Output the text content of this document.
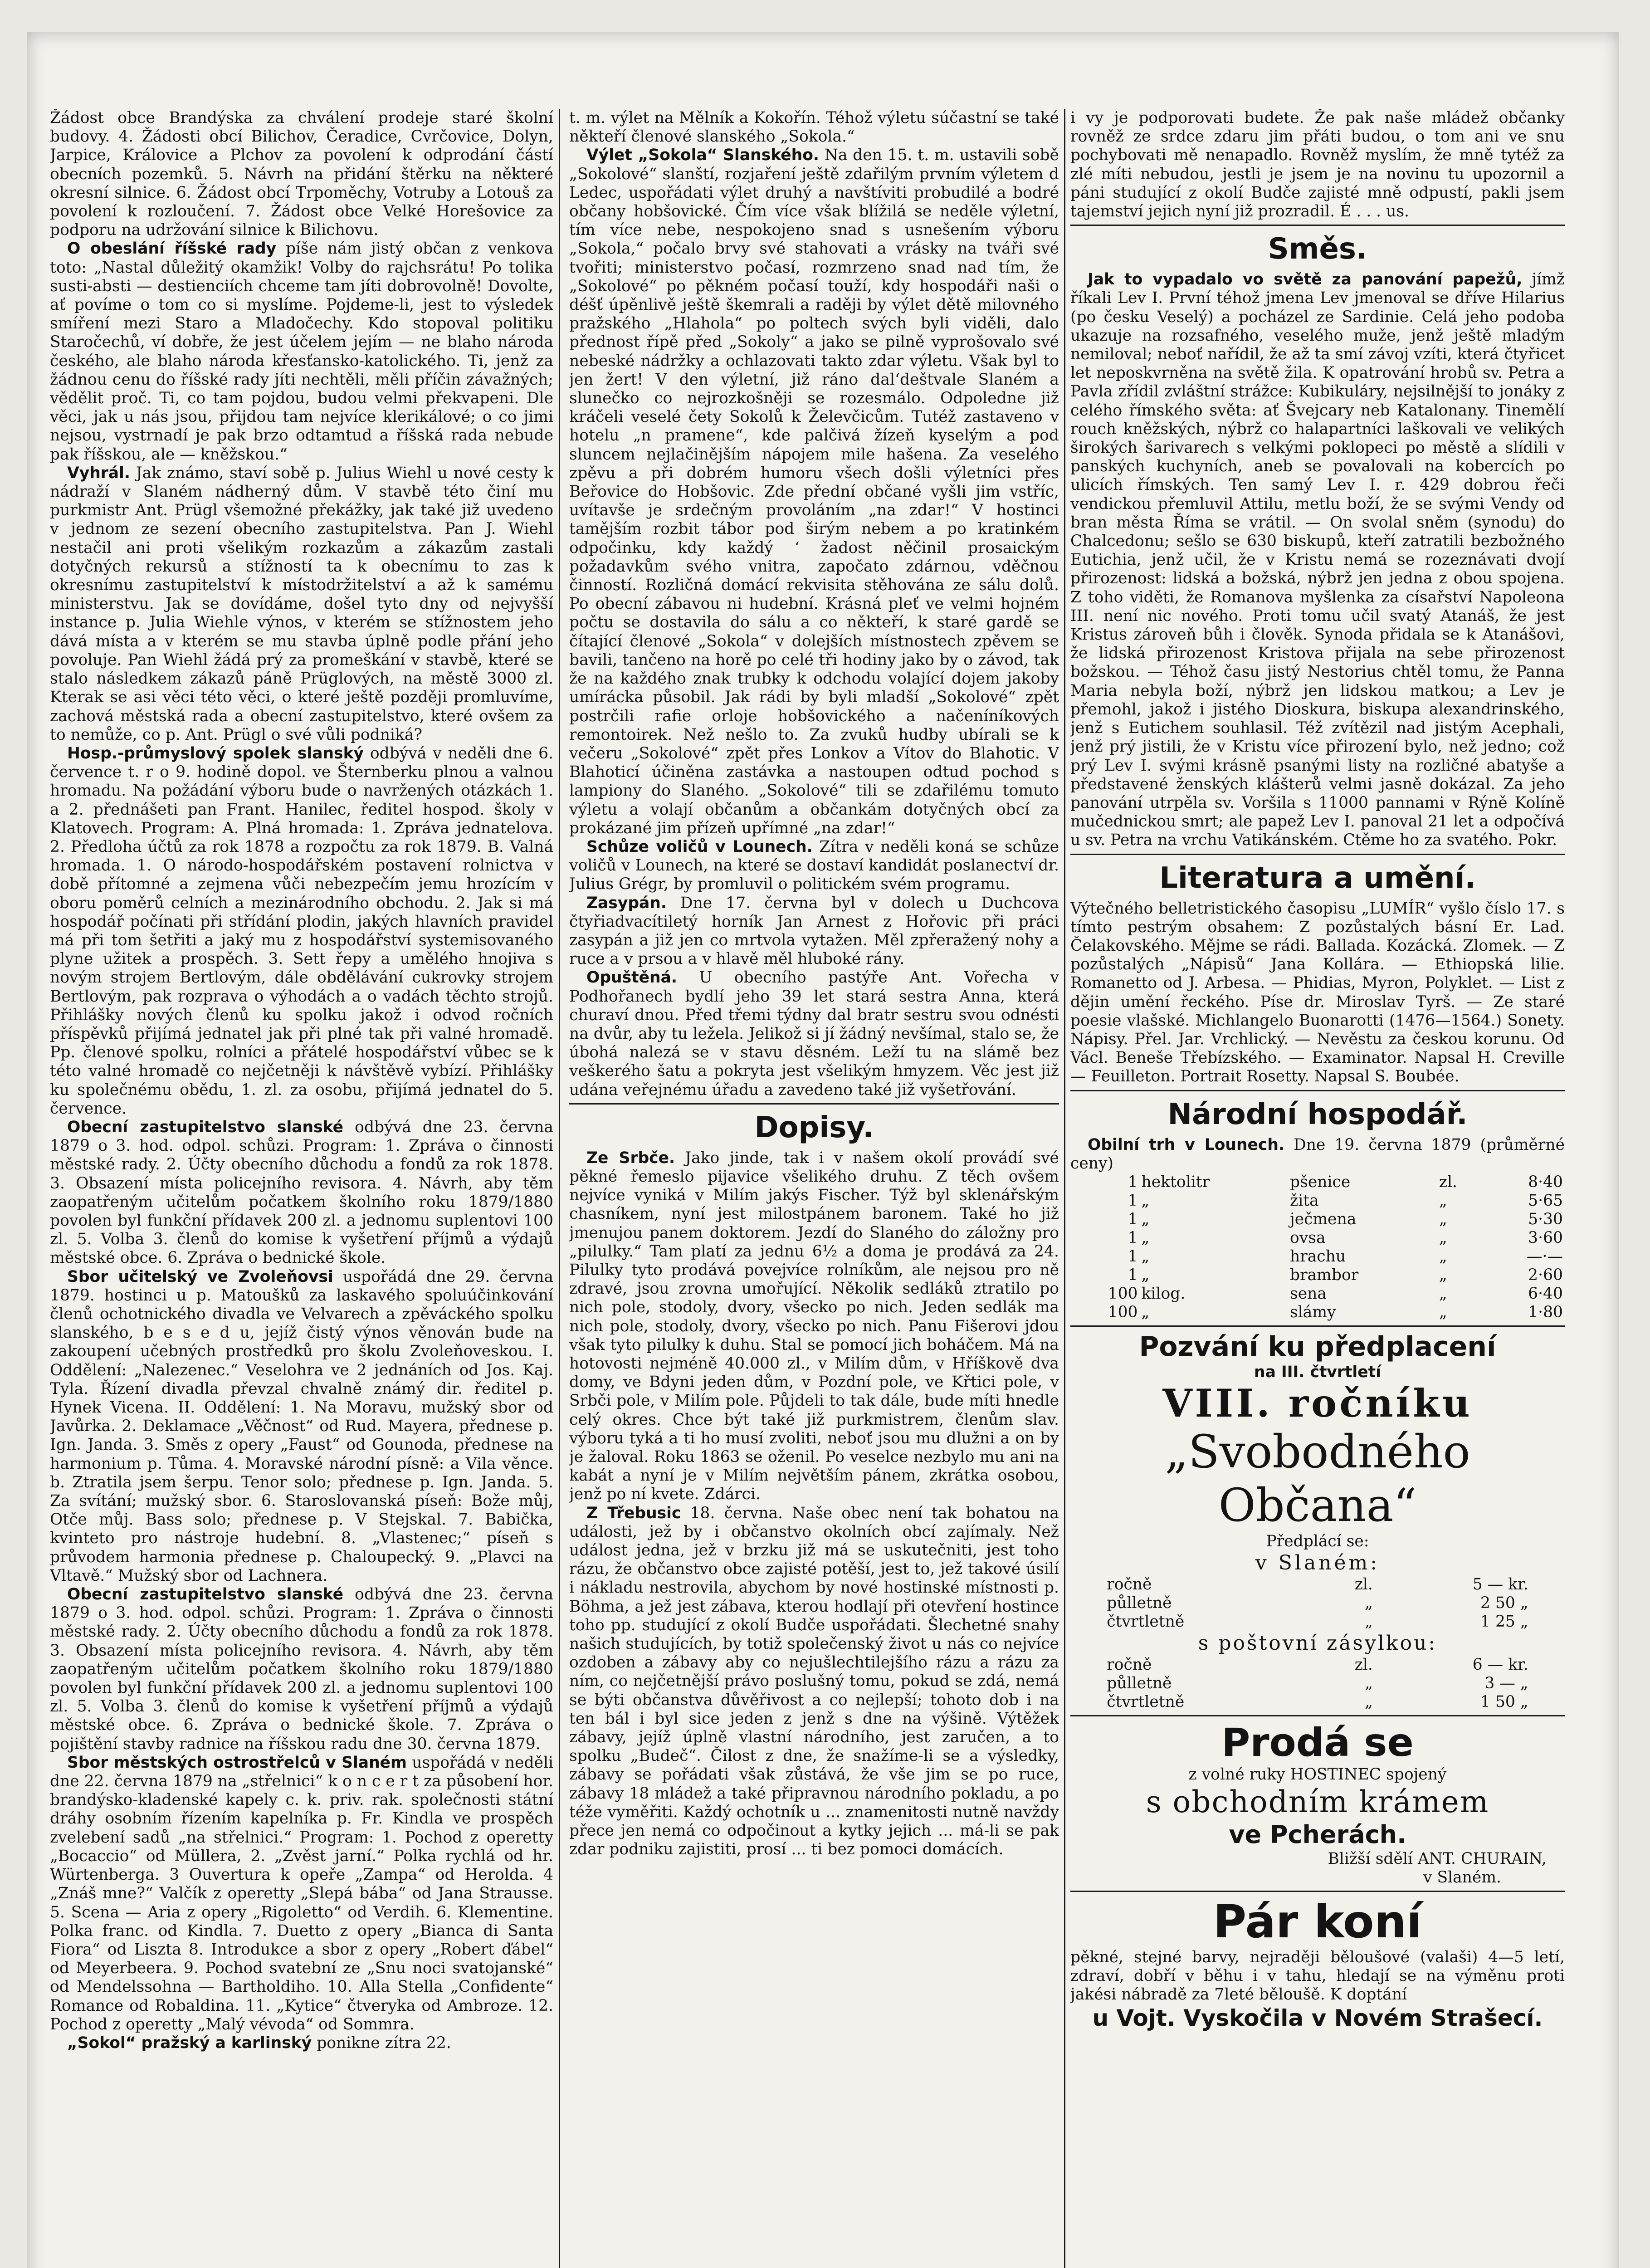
Žádost obce Brandýska za chválení prodeje staré školní budovy. 4. Žádosti obcí Bilichov, Čeradice, Cvrčovice, Dolyn, Jarpice, Královice a Plchov za povolení k odprodání částí obecních pozemků. 5. Návrh na přidání štěrku na některé okresní silnice. 6. Žádost obcí Trpoměchy, Votruby a Lotouš za povolení k rozloučení. 7. Žádost obce Velké Horešovice za podporu na udržování silnice k Bilichovu.

O obeslání říšské rady píše nám jistý občan z venkova toto: „Nastal důležitý okamžik! Volby do rajchsrátu! Po tolika susti-absti — destienciích chceme tam jíti dobrovolně! Dovolte, ať povíme o tom co si myslíme. Pojdeme-li, jest to výsledek smíření mezi Staro a Mladočechy. Kdo stopoval politiku Staročechů, ví dobře, že jest účelem jejím — ne blaho národa českého, ale blaho národa křesťansko-katolického. Ti, jenž za žádnou cenu do říšské rady jíti nechtěli, měli příčin závažných; vědělit proč. Ti, co tam pojdou, budou velmi překvapeni. Dle věci, jak u nás jsou, přijdou tam nejvíce klerikálové; o co jimi nejsou, vystrnadí je pak brzo odtamtud a říšská rada nebude pak říšskou, ale — kněžskou.“

Vyhrál. Jak známo, staví sobě p. Julius Wiehl u nové cesty k nádraží v Slaném nádherný dům. V stavbě této činí mu purkmistr Ant. Prügl všemožné překážky, jak také již uvedeno v jednom ze sezení obecního zastupitelstva. Pan J. Wiehl nestačil ani proti všelikým rozkazům a zákazům zastali dotyčných rekursů a stížností ta k obecnímu to zas k okresnímu zastupitelství k místodržitelství a až k samému ministerstvu. Jak se dovídáme, došel tyto dny od nejvyšší instance p. Julia Wiehle výnos, v kterém se stížnostem jeho dává místa a v kterém se mu stavba úplně podle přání jeho povoluje. Pan Wiehl žádá prý za promeškání v stavbě, které se stalo následkem zákazů páně Prüglových, na městě 3000 zl. Kterak se asi věci této věci, o které ještě později promluvíme, zachová městská rada a obecní zastupitelstvo, které ovšem za to nemůže, co p. Ant. Prügl o své vůli podniká?

Hosp.-průmyslový spolek slanský odbývá v neděli dne 6. července t. r o 9. hodině dopol. ve Šternberku plnou a valnou hromadu. Na požádání výboru bude o navržených otázkách 1. a 2. přednášeti pan Frant. Hanilec, ředitel hospod. školy v Klatovech. Program: A. Plná hromada: 1. Zpráva jednatelova. 2. Předloha účtů za rok 1878 a rozpočtu za rok 1879. B. Valná hromada. 1. O národo-hospodářském postavení rolnictva v době přítomné a zejmena vůči nebezpečím jemu hrozícím v oboru poměrů celních a mezinárodního obchodu. 2. Jak si má hospodář počínati při střídání plodin, jakých hlavních pravidel má při tom šetřiti a jaký mu z hospodářství systemisovaného plyne užitek a prospěch. 3. Sett řepy a umělého hnojiva s novým strojem Bertlovým, dále obdělávání cukrovky strojem Bertlovým, pak rozprava o výhodách a o vadách těchto strojů. Přihlášky nových členů ku spolku jakož i odvod ročních příspěvků přijímá jednatel jak při plné tak při valné hromadě. Pp. členové spolku, rolníci a přátelé hospodářství vůbec se k této valné hromadě co nejčetněji k návštěvě vybízí. Přihlášky ku společnému obědu, 1. zl. za osobu, přijímá jednatel do 5. července.

Obecní zastupitelstvo slanské odbývá dne 23. června 1879 o 3. hod. odpol. schůzi. Program: 1. Zpráva o činnosti městské rady. 2. Účty obecního důchodu a fondů za rok 1878. 3. Obsazení místa policejního revisora. 4. Návrh, aby těm zaopatřeným učitelům počatkem školního roku 1879/1880 povolen byl funkční přídavek 200 zl. a jednomu suplentovi 100 zl. 5. Volba 3. členů do komise k vyšetření příjmů a výdajů městské obce. 6. Zpráva o bednické škole.

Sbor učitelský ve Zvoleňovsi uspořádá dne 29. června 1879. hostinci u p. Matoušků za laskavého spoluúčinkování členů ochotnického divadla ve Velvarech a zpěváckého spolku slanského, b e s e d u, jejíž čistý výnos věnován bude na zakoupení učebných prostředků pro školu Zvoleňoveskou. I. Oddělení: „Nalezenec.“ Veselohra ve 2 jednáních od Jos. Kaj. Tyla. Řízení divadla převzal chvalně známý dir. ředitel p. Hynek Vicena. II. Oddělení: 1. Na Moravu, mužský sbor od Javůrka. 2. Deklamace „Věčnost“ od Rud. Mayera, přednese p. Ign. Janda. 3. Směs z opery „Faust“ od Gounoda, přednese na harmonium p. Tůma. 4. Moravské národní písně: a Vila věnce. b. Ztratila jsem šerpu. Tenor solo; přednese p. Ign. Janda. 5. Za svítání; mužský sbor. 6. Staroslovanská píseň: Bože můj, Otče můj. Bass solo; přednese p. V Stejskal. 7. Babička, kvinteto pro nástroje hudební. 8. „Vlastenec;“ píseň s průvodem harmonia přednese p. Chaloupecký. 9. „Plavci na Vltavě.“ Mužský sbor od Lachnera.

Obecní zastupitelstvo slanské odbývá dne 23. června 1879 o 3. hod. odpol. schůzi. Program: 1. Zpráva o činnosti městské rady. 2. Účty obecního důchodu a fondů za rok 1878. 3. Obsazení místa policejního revisora. 4. Návrh, aby těm zaopatřeným učitelům počatkem školního roku 1879/1880 povolen byl funkční přídavek 200 zl. a jednomu suplentovi 100 zl. 5. Volba 3. členů do komise k vyšetření příjmů a výdajů městské obce. 6. Zpráva o bednické škole. 7. Zpráva o pojištění stavby radnice na říšskou radu dne 30. června 1879.

Sbor městských ostrostřelců v Slaném uspořádá v neděli dne 22. června 1879 na „střelnici“ k o n c e r t za působení hor. brandýsko-kladenské kapely c. k. priv. rak. společnosti státní dráhy osobním řízením kapelníka p. Fr. Kindla ve prospěch zvelebení sadů „na střelnici.“ Program: 1. Pochod z operetty „Bocaccio“ od Müllera, 2. „Zvěst jarní.“ Polka rychlá od hr. Würtenberga. 3 Ouvertura k opeře „Zampa“ od Herolda. 4 „Znáš mne?“ Valčík z operetty „Slepá bába“ od Jana Strausse. 5. Scena — Aria z opery „Rigoletto“ od Verdih. 6. Klementine. Polka franc. od Kindla. 7. Duetto z opery „Bianca di Santa Fiora“ od Liszta 8. Introdukce a sbor z opery „Robert ďábel“ od Meyerbeera. 9. Pochod svatební ze „Snu noci svatojanské“ od Mendelssohna — Bartholdiho. 10. Alla Stella „Confidente“ Romance od Robaldina. 11. „Kytice“ čtveryka od Ambroze. 12. Pochod z operetty „Malý vévoda“ od Sommra.

„Sokol“ pražský a karlinský ponikne zítra 22.

t. m. výlet na Mělník a Kokořín. Téhož výletu súčastní se také někteří členové slanského „Sokola.“

Výlet „Sokola“ Slanského. Na den 15. t. m. ustavili sobě „Sokolové“ slanští, rozjaření ještě zdařilým prvním výletem d Ledec, uspořádati výlet druhý a navštíviti probudilé a bodré občany hobšovické. Čím více však blížilá se neděle výletní, tím více nebe, nespokojeno snad s usnešením výboru „Sokola,“ počalo brvy své stahovati a vrásky na tváři své tvořiti; ministerstvo počasí, rozmrzeno snad nad tím, že „Sokolové“ po pěkném počasí touží, kdy hospodáři naši o déšť úpěnlivě ještě škemrali a raději by výlet dětě milovného pražského „Hlahola“ po poltech svých byli viděli, dalo přednost řípě před „Sokoly“ a jako se pilně vyprošovalo své nebeské nádržky a ochlazovati takto zdar výletu. Však byl to jen žert! V den výletní, již ráno dal‘deštvale Slaném a slunečko co nejrozkošněji se rozesmálo. Odpoledne již kráčeli veselé čety Sokolů k Želevčicům. Tutéž zastaveno v hotelu „n pramene“, kde palčivá žízeň kyselým a pod sluncem nejlačinějším nápojem mile hašena. Za veselého zpěvu a při dobrém humoru všech došli výletníci přes Beřovice do Hobšovic. Zde přední občané vyšli jim vstříc, uvítavše je srdečným provoláním „na zdar!“ V hostinci tamějším rozbit tábor pod širým nebem a po kratinkém odpočinku, kdy každý ‘ žadost něčinil prosaickým požadavkům svého vnitra, započato zdárnou, vděčnou činností. Rozličná domácí rekvisita stěhována ze sálu dolů. Po obecní zábavou ni hudební. Krásná pleť ve velmi hojném počtu se dostavila do sálu a co někteří, k staré gardě se čítající členové „Sokola“ v dolejších místnostech zpěvem se bavili, tančeno na horě po celé tři hodiny jako by o závod, tak že na každého znak trubky k odchodu volající dojem jakoby umírácka působil. Jak rádi by byli mladší „Sokolové“ zpět postrčili rafie orloje hobšovického a načeníníkových remontoirek. Než nešlo to. Za zvuků hudby ubírali se k večeru „Sokolové“ zpět přes Lonkov a Vítov do Blahotic. V Blahoticí účiněna zastávka a nastoupen odtud pochod s lampiony do Slaného. „Sokolové“ tili se zdařilému tomuto výletu a volají občanům a občankám dotyčných obcí za prokázané jim přízeň upřímné „na zdar!“

Schůze voličů v Lounech. Zítra v neděli koná se schůze voličů v Lounech, na které se dostaví kandidát poslanectví dr. Julius Grégr, by promluvil o politickém svém programu.

Zasypán. Dne 17. června byl v dolech u Duchcova čtyřiadvacítiletý horník Jan Arnest z Hořovic při práci zasypán a již jen co mrtvola vytažen. Měl zpřeražený nohy a ruce a v prsou a v hlavě měl hluboké rány.

Opuštěná. U obecního pastýře Ant. Vořecha v Podhořanech bydlí jeho 39 let stará sestra Anna, která churaví dnou. Před třemi týdny dal bratr sestru svou odnésti na dvůr, aby tu ležela. Jelikož si jí žádný nevšímal, stalo se, že úbohá nalezá se v stavu děsném. Leží tu na slámě bez veškerého šatu a pokryta jest všelikým hmyzem. Věc jest již udána veřejnému úřadu a zavedeno také již vyšetřování.

Dopisy.

Ze Srbče. Jako jinde, tak i v našem okolí provádí své pěkné řemeslo pijavice všelikého druhu. Z těch ovšem nejvíce vyniká v Milím jakýs Fischer. Týž byl sklenářským chasníkem, nyní jest milostpánem baronem. Také ho již jmenujou panem doktorem. Jezdí do Slaného do záložny pro „pilulky.“ Tam platí za jednu 6½ a doma je prodává za 24. Pilulky tyto prodává povejvíce rolníkům, ale nejsou pro ně zdravé, jsou zrovna umořující. Několik sedláků ztratilo po nich pole, stodoly, dvory, všecko po nich. Jeden sedlák ma nich pole, stodoly, dvory, všecko po nich. Panu Fišerovi jdou však tyto pilulky k duhu. Stal se pomocí jich boháčem. Má na hotovosti nejméně 40.000 zl., v Milím dům, v Hříškově dva domy, ve Bdyni jeden dům, v Pozdní pole, ve Křtici pole, v Srbči pole, v Milím pole. Půjdeli to tak dále, bude míti hnedle celý okres. Chce být také již purkmistrem, členům slav. výboru tyká a ti ho musí zvoliti, neboť jsou mu dlužni a on by je žaloval. Roku 1863 se oženil. Po veselce nezbylo mu ani na kabát a nyní je v Milím největším pánem, zkrátka osobou, jenž po ní kvete. Zdárci.

Z Třebusic 18. června. Naše obec není tak bohatou na události, jež by i občanstvo okolních obcí zajímaly. Než událost jedna, jež v brzku již má se uskutečniti, jest toho rázu, že občanstvo obce zajisté potěší, jest to, jež takové úsilí i nákladu nestrovila, abychom by nové hostinské místnosti p. Böhma, a jež jest zábava, kterou hodlají při otevření hostince toho pp. studující z okolí Budče uspořádati. Šlechetné snahy našich studujících, by totiž společenský život u nás co nejvíce ozdoben a zábavy aby co nejušlechtilejšího rázu a rázu za ním, co nejčetnější právo poslušný tomu, pokud se zdá, nemá se býti občanstva důvěřivost a co nejlepší; tohoto dob i na ten bál i byl sice jeden z jenž s dne na výšině. Výtěžek zábavy, jejíž úplně vlastní národního, jest zaručen, a to spolku „Budeč“. Čilost z dne, že snažíme-li se a výsledky, zábavy se pořádati však zůstává, že vše jim se po ruce, zábavy 18 mládež a také připravnou národního pokladu, a po téže vyměřiti. Každý ochotník u ... znamenitosti nutně navždy přece jen nemá co odpočinout a kytky jejich ... má-li se pak zdar podniku zajistiti, prosí ... ti bez pomoci domácích.

i vy je podporovati budete. Že pak naše mládež občanky rovněž ze srdce zdaru jim přáti budou, o tom ani ve snu pochybovati mě nenapadlo. Rovněž myslím, že mně tytéž za zlé míti nebudou, jestli je jsem je na novinu tu upozornil a páni studující z okolí Budče zajisté mně odpustí, pakli jsem tajemství jejich nyní již prozradil. É . . . us.

Směs.

Jak to vypadalo vo světě za panování papežů, jímž říkali Lev I. První téhož jmena Lev jmenoval se dříve Hilarius (po česku Veselý) a pocházel ze Sardinie. Celá jeho podoba ukazuje na rozsafného, veselého muže, jenž ještě mladým nemiloval; neboť nařídil, že až ta smí závoj vzíti, která čtyřicet let neposkvrněna na světě žila. K opatrování hrobů sv. Petra a Pavla zřídil zvláštní strážce: Kubikuláry, nejsilnější to jonáky z celého římského světa: ať Švejcary neb Katalonany. Tinemělí rouch kněžských, nýbrž co halapartníci laškovali ve velikých širokých šarivarech s velkými poklopeci po městě a slídili v panských kuchyních, aneb se povalovali na kobercích po ulicích římských. Ten samý Lev I. r. 429 dobrou řeči vendickou přemluvil Attilu, metlu boží, že se svými Vendy od bran města Říma se vrátil. — On svolal sněm (synodu) do Chalcedonu; sešlo se 630 biskupů, kteří zatratili bezbožného Eutichia, jenž učil, že v Kristu nemá se rozeznávati dvojí přirozenost: lidská a božská, nýbrž jen jedna z obou spojena. Z toho viděti, že Romanova myšlenka za císařství Napoleona III. není nic nového. Proti tomu učil svatý Atanáš, že jest Kristus zároveň bůh i člověk. Synoda přidala se k Atanášovi, že lidská přirozenost Kristova přijala na sebe přirozenost božskou. — Téhož času jistý Nestorius chtěl tomu, že Panna Maria nebyla boží, nýbrž jen lidskou matkou; a Lev je přemohl, jakož i jistého Dioskura, biskupa alexandrinského, jenž s Eutichem souhlasil. Též zvítězil nad jistým Acephali, jenž prý jistili, že v Kristu více přirození bylo, než jedno; což prý Lev I. svými krásně psanými listy na rozličné abatyše a představené ženských klášterů velmi jasně dokázal. Za jeho panování utrpěla sv. Voršila s 11000 pannami v Rýně Kolíně mučednickou smrt; ale papež Lev I. panoval 21 let a odpočívá u sv. Petra na vrchu Vatikánském. Ctěme ho za svatého. Pokr.

Literatura a umění.

Výtečného belletristického časopisu „LUMÍR“ vyšlo číslo 17. s tímto pestrým obsahem: Z pozůstalých básní Er. Lad. Čelakovského. Mějme se rádi. Ballada. Kozácká. Zlomek. — Z pozůstalých „Nápisů“ Jana Kollára. — Ethiopská lilie. Romanetto od J. Arbesa. — Phidias, Myron, Polyklet. — List z dějin umění řeckého. Píse dr. Miroslav Tyrš. — Ze staré poesie vlašské. Michlangelo Buonarotti (1476—1564.) Sonety. Nápisy. Přel. Jar. Vrchlický. — Nevěstu za českou korunu. Od Václ. Beneše Třebízského. — Examinator. Napsal H. Creville — Feuilleton. Portrait Rosetty. Napsal S. Boubée.

Národní hospodář.

Obilní trh v Lounech. Dne 19. června 1879 (průměrné ceny)

1	hektolitr	pšenice	zl.	8·40
1	„	žita	„	5·65
1	„	ječmena	„	5·30
1	„	ovsa	„	3·60
1	„	hrachu	„	—·—
1	„	brambor	„	2·60
100	kilog.	sena	„	6·40
100	„	slámy	„	1·80
Pozvání ku předplacení
na III. čtvrtletí
VIII. ročníku
„Svobodného Občana“
Předplácí se:
v Slaném:
ročně	zl.	5 — kr.
půlletně	„	2 50 „
čtvrtletně	„	1 25 „
s poštovní zásylkou:
ročně	zl.	6 — kr.
půlletně	„	3 — „
čtvrtletně	„	1 50 „
Prodá se
z volné ruky HOSTINEC spojený
s obchodním krámem
ve Pcherách.
Bližší sdělí ANT. CHURAIN,
v Slaném.
Pár koní

pěkné, stejné barvy, nejraději běloušové (valaši) 4—5 letí, zdraví, dobří v běhu i v tahu, hledají se na výměnu proti jakési nábradě za 7leté běloušě. K doptání

u Vojt. Vyskočila v Novém Strašecí.
